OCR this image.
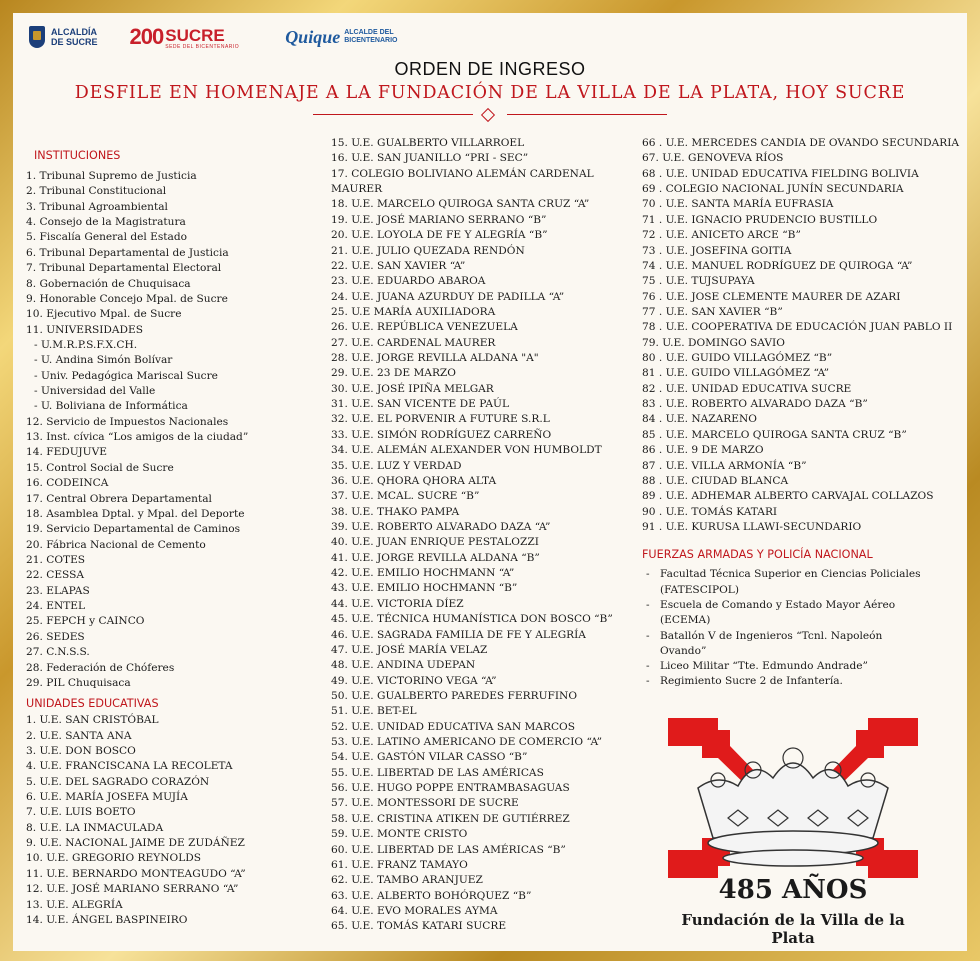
ALCALDÍA
DE SUCRE 200 SUCRE
SEDE DEL BICENTENARIO
Quique ALCALDE DEL
BICENTENARIO
ORDEN DE INGRESO
DESFILE EN HOMENAJE A LA FUNDACIÓN DE LA VILLA DE LA PLATA, HOY SUCRE
INSTITUCIONES
1. Tribunal Supremo de Justicia
2. Tribunal Constitucional
3. Tribunal Agroambiental
4. Consejo de la Magistratura
5. Fiscalía General del Estado
6. Tribunal Departamental de Justicia
7. Tribunal Departamental Electoral
8. Gobernación de Chuquisaca
9. Honorable Concejo Mpal. de Sucre
10. Ejecutivo Mpal. de Sucre
11. UNIVERSIDADES
- U.M.R.P.S.F.X.CH.
- U. Andina Simón Bolívar
- Univ. Pedagógica Mariscal Sucre
- Universidad del Valle
- U. Boliviana de Informática
12. Servicio de Impuestos Nacionales
13. Inst. cívica “Los amigos de la ciudad”
14. FEDUJUVE
15. Control Social de Sucre
16. CODEINCA
17. Central Obrera Departamental
18. Asamblea Dptal. y Mpal. del Deporte
19. Servicio Departamental de Caminos
20. Fábrica Nacional de Cemento
21. COTES
22. CESSA
23. ELAPAS
24. ENTEL
25. FEPCH y CAINCO
26. SEDES
27. C.N.S.S.
28. Federación de Chóferes
29. PIL Chuquisaca
UNIDADES EDUCATIVAS
1. U.E. SAN CRISTÓBAL
2. U.E. SANTA ANA
3. U.E. DON BOSCO
4. U.E. FRANCISCANA LA RECOLETA
5. U.E. DEL SAGRADO CORAZÓN
6. U.E. MARÍA JOSEFA MUJÍA
7. U.E. LUIS BOETO
8. U.E. LA INMACULADA
9. U.E. NACIONAL JAIME DE ZUDÁÑEZ
10. U.E. GREGORIO REYNOLDS
11. U.E. BERNARDO MONTEAGUDO “A”
12. U.E. JOSÉ MARIANO SERRANO “A”
13. U.E. ALEGRÍA
14. U.E. ÁNGEL BASPINEIRO
15. U.E. GUALBERTO VILLARROEL
16. U.E. SAN JUANILLO “PRI - SEC”
17. COLEGIO BOLIVIANO ALEMÁN CARDENAL MAURER
18. U.E. MARCELO QUIROGA SANTA CRUZ “A”
19. U.E. JOSÉ MARIANO SERRANO “B”
20. U.E. LOYOLA DE FE Y ALEGRÍA “B”
21. U.E. JULIO QUEZADA RENDÓN
22. U.E. SAN XAVIER “A”
23. U.E. EDUARDO ABAROA
24. U.E. JUANA AZURDUY DE PADILLA “A”
25. U.E MARÍA AUXILIADORA
26. U.E. REPÚBLICA VENEZUELA
27. U.E. CARDENAL MAURER
28. U.E. JORGE REVILLA ALDANA "A"
29. U.E. 23 DE MARZO
30. U.E. JOSÉ IPIÑA MELGAR
31. U.E. SAN VICENTE DE PAÚL
32. U.E. EL PORVENIR A FUTURE S.R.L
33. U.E. SIMÓN RODRÍGUEZ CARREÑO
34. U.E. ALEMÁN ALEXANDER VON HUMBOLDT
35. U.E. LUZ Y VERDAD
36. U.E. QHORA QHORA ALTA
37. U.E. MCAL. SUCRE “B”
38. U.E. THAKO PAMPA
39. U.E. ROBERTO ALVARADO DAZA “A”
40. U.E. JUAN ENRIQUE PESTALOZZI
41. U.E. JORGE REVILLA ALDANA “B”
42. U.E. EMILIO HOCHMANN “A”
43. U.E. EMILIO HOCHMANN “B”
44. U.E. VICTORIA DÍEZ
45. U.E. TÉCNICA HUMANÍSTICA DON BOSCO “B”
46. U.E. SAGRADA FAMILIA DE FE Y ALEGRÍA
47. U.E. JOSÉ MARÍA VELAZ
48. U.E. ANDINA UDEPAN
49. U.E. VICTORINO VEGA “A”
50. U.E. GUALBERTO PAREDES FERRUFINO
51. U.E. BET-EL
52. U.E. UNIDAD EDUCATIVA SAN MARCOS
53. U.E. LATINO AMERICANO DE COMERCIO “A”
54. U.E. GASTÓN VILAR CASSO “B”
55. U.E. LIBERTAD DE LAS AMÉRICAS
56. U.E. HUGO POPPE ENTRAMBASAGUAS
57. U.E. MONTESSORI DE SUCRE
58. U.E. CRISTINA ATIKEN DE GUTIÉRREZ
59. U.E. MONTE CRISTO
60. U.E. LIBERTAD DE LAS AMÉRICAS “B”
61. U.E. FRANZ TAMAYO
62. U.E. TAMBO ARANJUEZ
63. U.E. ALBERTO BOHÓRQUEZ “B”
64. U.E. EVO MORALES AYMA
65. U.E. TOMÁS KATARI SUCRE
66 . U.E. MERCEDES CANDIA DE OVANDO SECUNDARIA
67. U.E. GENOVEVA RÍOS
68 . U.E. UNIDAD EDUCATIVA FIELDING BOLIVIA
69 . COLEGIO NACIONAL JUNÍN SECUNDARIA
70 . U.E. SANTA MARÍA EUFRASIA
71 . U.E. IGNACIO PRUDENCIO BUSTILLO
72 . U.E. ANICETO ARCE “B”
73 . U.E. JOSEFINA GOITIA
74 . U.E. MANUEL RODRÍGUEZ DE QUIROGA “A”
75 . U.E. TUJSUPAYA
76 . U.E. JOSE CLEMENTE MAURER DE AZARI
77 . U.E. SAN XAVIER “B”
78 . U.E. COOPERATIVA DE EDUCACIÓN JUAN PABLO II
79. U.E. DOMINGO SAVIO
80 . U.E. GUIDO VILLAGÓMEZ “B”
81 . U.E. GUIDO VILLAGÓMEZ “A”
82 . U.E. UNIDAD EDUCATIVA SUCRE
83 . U.E. ROBERTO ALVARADO DAZA “B”
84 . U.E. NAZARENO
85 . U.E. MARCELO QUIROGA SANTA CRUZ “B”
86 . U.E. 9 DE MARZO
87 . U.E. VILLA ARMONÍA “B”
88 . U.E. CIUDAD BLANCA
89 . U.E. ADHEMAR ALBERTO CARVAJAL COLLAZOS
90 . U.E. TOMÁS KATARI
91 . U.E. KURUSA LLAWI-SECUNDARIO
FUERZAS ARMADAS Y POLICÍA NACIONAL
- Facultad Técnica Superior en Ciencias Policiales (FATESCIPOL)
- Escuela de Comando y Estado Mayor Aéreo (ECEMA)
- Batallón V de Ingenieros “Tcnl. Napoleón Ovando”
- Liceo Militar “Tte. Edmundo Andrade”
- Regimiento Sucre 2 de Infantería.
485 AÑOS
Fundación de la Villa de la Plata
